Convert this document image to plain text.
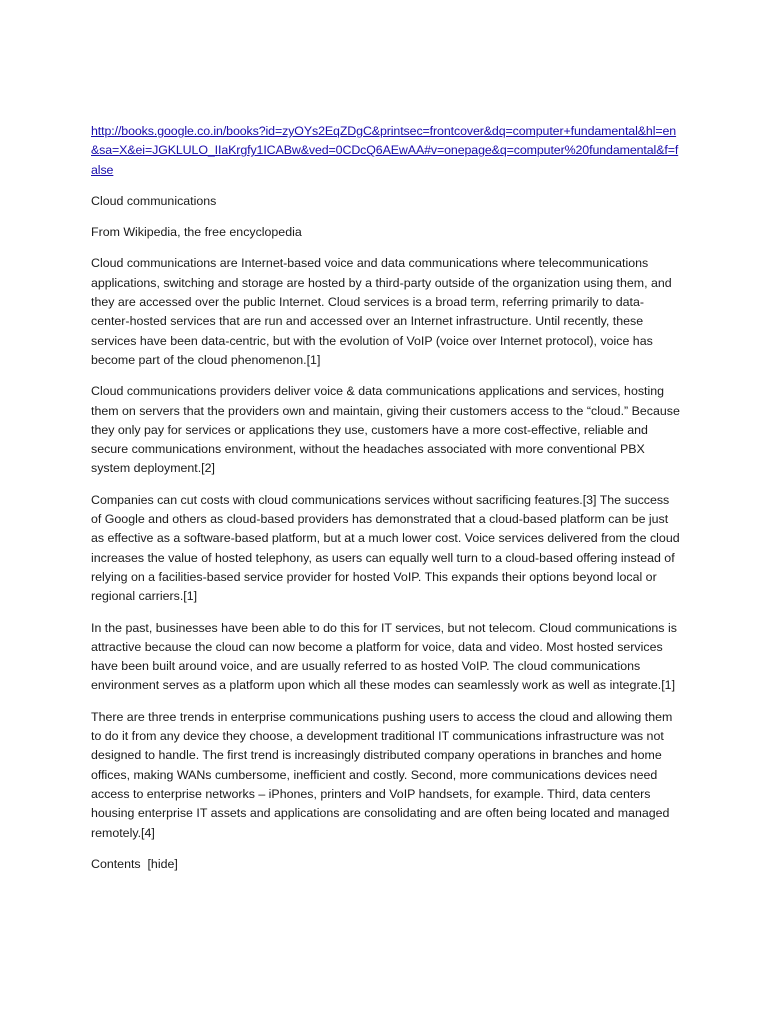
http://books.google.co.in/books?id=zyOYs2EqZDgC&printsec=frontcover&dq=computer+fundamental&hl=en&sa=X&ei=JGKLULO_IIaKrgfy1ICABw&ved=0CDcQ6AEwAA#v=onepage&q=computer%20fundamental&f=false

Cloud communications

From Wikipedia, the free encyclopedia

Cloud communications are Internet-based voice and data communications where telecommunications applications, switching and storage are hosted by a third-party outside of the organization using them, and they are accessed over the public Internet. Cloud services is a broad term, referring primarily to data-center-hosted services that are run and accessed over an Internet infrastructure. Until recently, these services have been data-centric, but with the evolution of VoIP (voice over Internet protocol), voice has become part of the cloud phenomenon.[1]

Cloud communications providers deliver voice & data communications applications and services, hosting them on servers that the providers own and maintain, giving their customers access to the “cloud.” Because they only pay for services or applications they use, customers have a more cost-effective, reliable and secure communications environment, without the headaches associated with more conventional PBX system deployment.[2]

Companies can cut costs with cloud communications services without sacrificing features.[3] The success of Google and others as cloud-based providers has demonstrated that a cloud-based platform can be just as effective as a software-based platform, but at a much lower cost. Voice services delivered from the cloud increases the value of hosted telephony, as users can equally well turn to a cloud-based offering instead of relying on a facilities-based service provider for hosted VoIP. This expands their options beyond local or regional carriers.[1]

In the past, businesses have been able to do this for IT services, but not telecom. Cloud communications is attractive because the cloud can now become a platform for voice, data and video. Most hosted services have been built around voice, and are usually referred to as hosted VoIP. The cloud communications environment serves as a platform upon which all these modes can seamlessly work as well as integrate.[1]

There are three trends in enterprise communications pushing users to access the cloud and allowing them to do it from any device they choose, a development traditional IT communications infrastructure was not designed to handle. The first trend is increasingly distributed company operations in branches and home offices, making WANs cumbersome, inefficient and costly. Second, more communications devices need access to enterprise networks – iPhones, printers and VoIP handsets, for example. Third, data centers housing enterprise IT assets and applications are consolidating and are often being located and managed remotely.[4]

Contents [hide]
